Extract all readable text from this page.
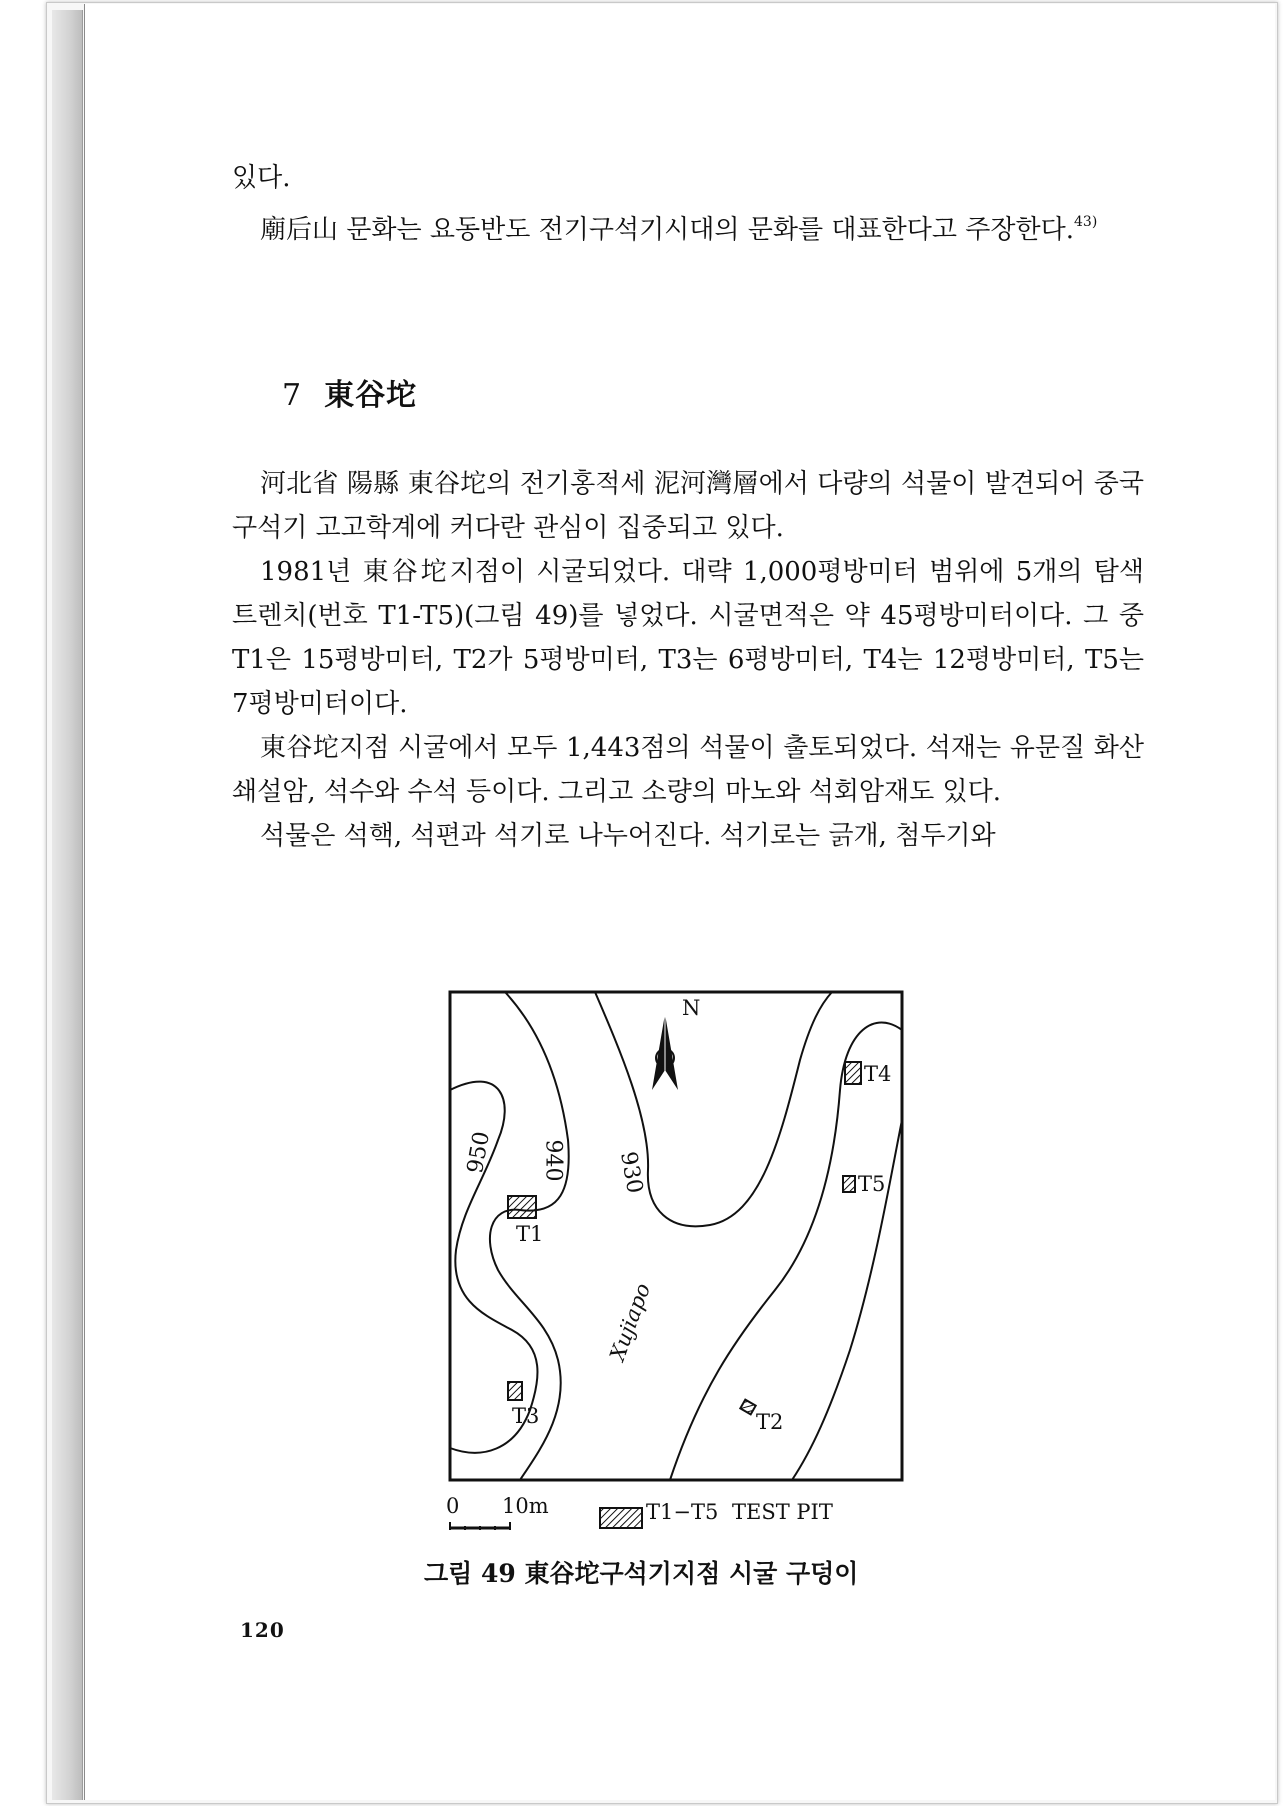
있다.

廟后山 문화는 요동반도 전기구석기시대의 문화를 대표한다고 주장한다.$^{43)}$

7 東谷坨

河北省 陽縣 東谷坨의 전기홍적세 泥河灣層에서 다량의 석물이 발견되어 중국 구석기 고고학계에 커다란 관심이 집중되고 있다.

1981년 東谷坨지점이 시굴되었다. 대략 1,000평방미터 범위에 5개의 탐색 트렌치(번호 T1-T5)(그림 49)를 넣었다. 시굴면적은 약 45평방미터이다. 그 중 T1은 15평방미터, T2가 5평방미터, T3는 6평방미터, T4는 12평방미터, T5는 7평방미터이다.

東谷坨지점 시굴에서 모두 1,443점의 석물이 출토되었다. 석재는 유문질 화산쇄설암, 석수와 수석 등이다. 그리고 소량의 마노와 석회암재도 있다.

석물은 석핵, 석편과 석기로 나누어진다. 석기로는 긁개, 첨두기와

N
950 940 930
Xujiapo
T1
T2
T3
T4
T5
0 10m	T1−T5 TEST PIT
그림 49 東谷坨구석기지점 시굴 구덩이
120
